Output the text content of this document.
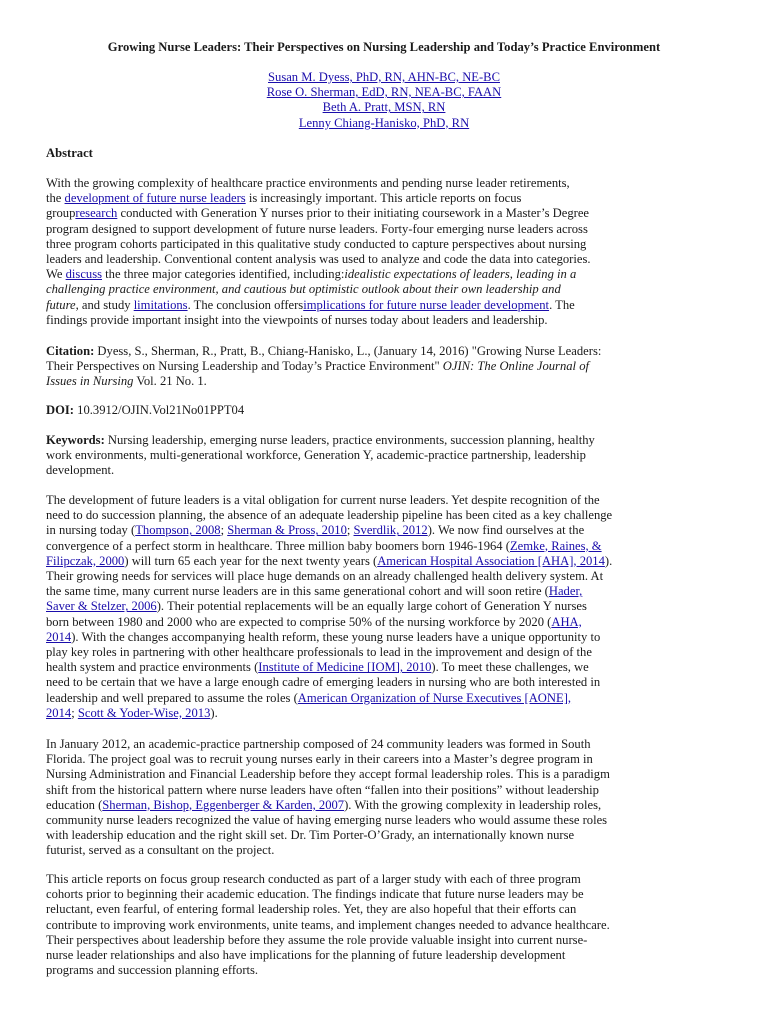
Growing Nurse Leaders: Their Perspectives on Nursing Leadership and Today’s Practice Environment
Susan M. Dyess, PhD, RN, AHN-BC, NE-BC
Rose O. Sherman, EdD, RN, NEA-BC, FAAN
Beth A. Pratt, MSN, RN
Lenny Chiang-Hanisko, PhD, RN
Abstract

With the growing complexity of healthcare practice environments and pending nurse leader retirements,
the development of future nurse leaders is increasingly important. This article reports on focus
groupresearch conducted with Generation Y nurses prior to their initiating coursework in a Master’s Degree
program designed to support development of future nurse leaders. Forty-four emerging nurse leaders across
three program cohorts participated in this qualitative study conducted to capture perspectives about nursing
leaders and leadership. Conventional content analysis was used to analyze and code the data into categories.
We discuss the three major categories identified, including:idealistic expectations of leaders, leading in a
challenging practice environment, and cautious but optimistic outlook about their own leadership and
future, and study limitations. The conclusion offersimplications for future nurse leader development. The
findings provide important insight into the viewpoints of nurses today about leaders and leadership.

Citation: Dyess, S., Sherman, R., Pratt, B., Chiang-Hanisko, L., (January 14, 2016) "Growing Nurse Leaders:
Their Perspectives on Nursing Leadership and Today’s Practice Environment" OJIN: The Online Journal of
Issues in Nursing Vol. 21 No. 1.

DOI: 10.3912/OJIN.Vol21No01PPT04

Keywords: Nursing leadership, emerging nurse leaders, practice environments, succession planning, healthy
work environments, multi-generational workforce, Generation Y, academic-practice partnership, leadership
development.

The development of future leaders is a vital obligation for current nurse leaders. Yet despite recognition of the
need to do succession planning, the absence of an adequate leadership pipeline has been cited as a key challenge
in nursing today (Thompson, 2008; Sherman & Pross, 2010; Sverdlik, 2012). We now find ourselves at the
convergence of a perfect storm in healthcare. Three million baby boomers born 1946-1964 (Zemke, Raines, &
Filipczak, 2000) will turn 65 each year for the next twenty years (American Hospital Association [AHA], 2014).
Their growing needs for services will place huge demands on an already challenged health delivery system. At
the same time, many current nurse leaders are in this same generational cohort and will soon retire (Hader,
Saver & Stelzer, 2006). Their potential replacements will be an equally large cohort of Generation Y nurses
born between 1980 and 2000 who are expected to comprise 50% of the nursing workforce by 2020 (AHA,
2014). With the changes accompanying health reform, these young nurse leaders have a unique opportunity to
play key roles in partnering with other healthcare professionals to lead in the improvement and design of the
health system and practice environments (Institute of Medicine [IOM], 2010). To meet these challenges, we
need to be certain that we have a large enough cadre of emerging leaders in nursing who are both interested in
leadership and well prepared to assume the roles (American Organization of Nurse Executives [AONE],
2014; Scott & Yoder-Wise, 2013).

In January 2012, an academic-practice partnership composed of 24 community leaders was formed in South
Florida. The project goal was to recruit young nurses early in their careers into a Master’s degree program in
Nursing Administration and Financial Leadership before they accept formal leadership roles. This is a paradigm
shift from the historical pattern where nurse leaders have often “fallen into their positions” without leadership
education (Sherman, Bishop, Eggenberger & Karden, 2007). With the growing complexity in leadership roles,
community nurse leaders recognized the value of having emerging nurse leaders who would assume these roles
with leadership education and the right skill set. Dr. Tim Porter-O’Grady, an internationally known nurse
futurist, served as a consultant on the project.

This article reports on focus group research conducted as part of a larger study with each of three program
cohorts prior to beginning their academic education. The findings indicate that future nurse leaders may be
reluctant, even fearful, of entering formal leadership roles. Yet, they are also hopeful that their efforts can
contribute to improving work environments, unite teams, and implement changes needed to advance healthcare.
Their perspectives about leadership before they assume the role provide valuable insight into current nurse-
nurse leader relationships and also have implications for the planning of future leadership development
programs and succession planning efforts.
